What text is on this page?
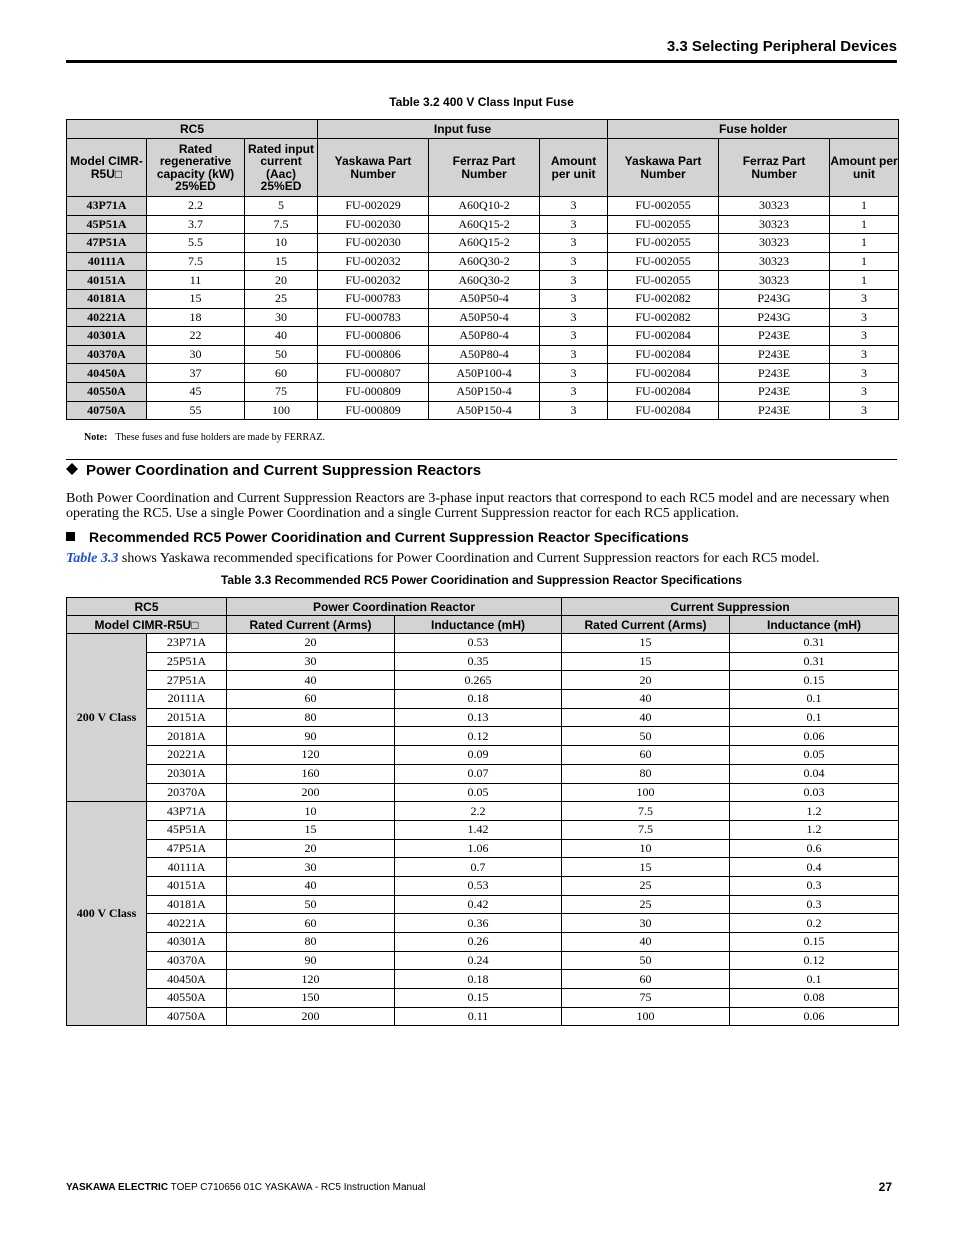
3.3 Selecting Peripheral Devices
Table 3.2 400 V Class Input Fuse
RC5			Input fuse			Fuse holder		
Model CIMR-R5U□	Rated regenerative capacity (kW) 25%ED	Rated input current (Aac) 25%ED	Yaskawa Part Number	Ferraz Part Number	Amount per unit	Yaskawa Part Number	Ferraz Part Number	Amount per unit
43P71A	2.2	5	FU-002029	A60Q10-2	3	FU-002055	30323	1
45P51A	3.7	7.5	FU-002030	A60Q15-2	3	FU-002055	30323	1
47P51A	5.5	10	FU-002030	A60Q15-2	3	FU-002055	30323	1
40111A	7.5	15	FU-002032	A60Q30-2	3	FU-002055	30323	1
40151A	11	20	FU-002032	A60Q30-2	3	FU-002055	30323	1
40181A	15	25	FU-000783	A50P50-4	3	FU-002082	P243G	3
40221A	18	30	FU-000783	A50P50-4	3	FU-002082	P243G	3
40301A	22	40	FU-000806	A50P80-4	3	FU-002084	P243E	3
40370A	30	50	FU-000806	A50P80-4	3	FU-002084	P243E	3
40450A	37	60	FU-000807	A50P100-4	3	FU-002084	P243E	3
40550A	45	75	FU-000809	A50P150-4	3	FU-002084	P243E	3
40750A	55	100	FU-000809	A50P150-4	3	FU-002084	P243E	3
Note: These fuses and fuse holders are made by FERRAZ.
Power Coordination and Current Suppression Reactors
Both Power Coordination and Current Suppression Reactors are 3-phase input reactors that correspond to each RC5 model and are necessary when operating the RC5. Use a single Power Coordination and a single Current Suppression reactor for each RC5 application.
Recommended RC5 Power Cooridination and Current Suppression Reactor Specifications
Table 3.3 shows Yaskawa recommended specifications for Power Coordination and Current Suppression reactors for each RC5 model.
Table 3.3 Recommended RC5 Power Cooridination and Suppression Reactor Specifications
RC5		Power Coordination Reactor		Current Suppression	
Model CIMR-R5U□		Rated Current (Arms)	Inductance (mH)	Rated Current (Arms)	Inductance (mH)
200 V Class	23P71A	20	0.53	15	0.31
	25P51A	30	0.35	15	0.31
	27P51A	40	0.265	20	0.15
	20111A	60	0.18	40	0.1
	20151A	80	0.13	40	0.1
	20181A	90	0.12	50	0.06
	20221A	120	0.09	60	0.05
	20301A	160	0.07	80	0.04
	20370A	200	0.05	100	0.03
400 V Class	43P71A	10	2.2	7.5	1.2
	45P51A	15	1.42	7.5	1.2
	47P51A	20	1.06	10	0.6
	40111A	30	0.7	15	0.4
	40151A	40	0.53	25	0.3
	40181A	50	0.42	25	0.3
	40221A	60	0.36	30	0.2
	40301A	80	0.26	40	0.15
	40370A	90	0.24	50	0.12
	40450A	120	0.18	60	0.1
	40550A	150	0.15	75	0.08
	40750A	200	0.11	100	0.06
YASKAWA ELECTRIC TOEP C710656 01C YASKAWA - RC5 Instruction Manual	27
